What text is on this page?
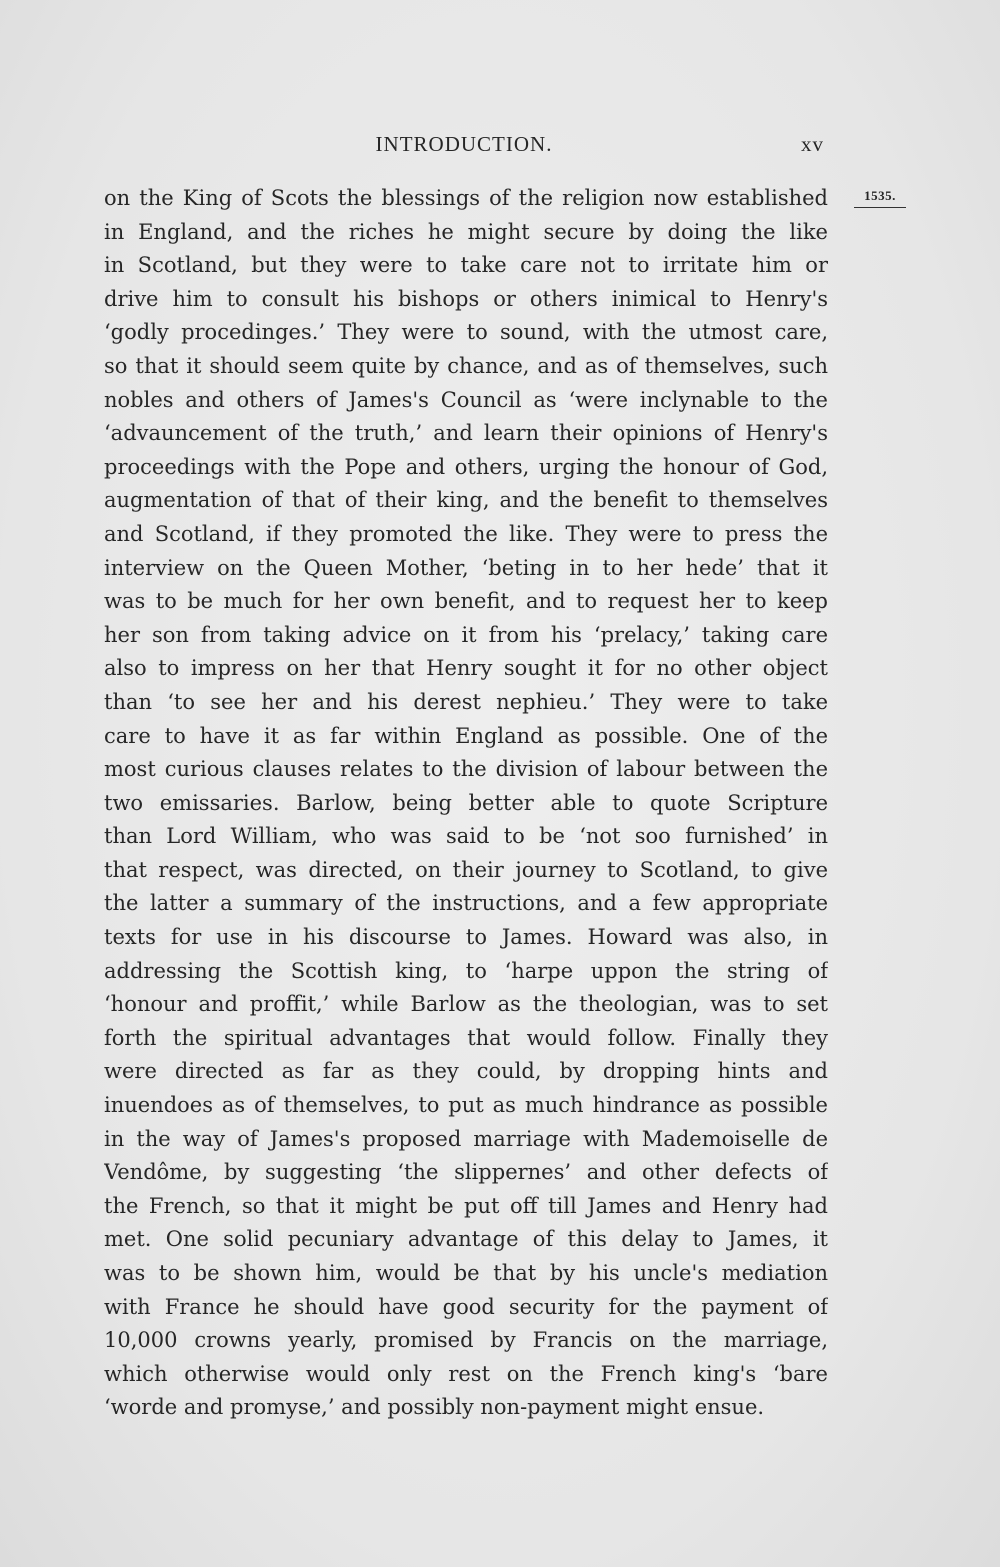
INTRODUCTION.	xv
1535.
on the King of Scots the blessings of the religion now established
in England, and the riches he might secure by doing the like
in Scotland, but they were to take care not to irritate him or
drive him to consult his bishops or others inimical to Henry's
‘godly procedinges.’ They were to sound, with the utmost care,
so that it should seem quite by chance, and as of themselves, such
nobles and others of James's Council as ‘were inclynable to the
‘advauncement of the truth,’ and learn their opinions of Henry's
proceedings with the Pope and others, urging the honour of God,
augmentation of that of their king, and the benefit to themselves
and Scotland, if they promoted the like. They were to press the
interview on the Queen Mother, ‘beting in to her hede’ that it
was to be much for her own benefit, and to request her to keep
her son from taking advice on it from his ‘prelacy,’ taking care
also to impress on her that Henry sought it for no other object
than ‘to see her and his derest nephieu.’ They were to take
care to have it as far within England as possible. One of the
most curious clauses relates to the division of labour between the
two emissaries. Barlow, being better able to quote Scripture
than Lord William, who was said to be ‘not soo furnished’ in
that respect, was directed, on their journey to Scotland, to give
the latter a summary of the instructions, and a few appropriate
texts for use in his discourse to James. Howard was also, in
addressing the Scottish king, to ‘harpe uppon the string of
‘honour and proffit,’ while Barlow as the theologian, was to set
forth the spiritual advantages that would follow. Finally they
were directed as far as they could, by dropping hints and
inuendoes as of themselves, to put as much hindrance as possible
in the way of James's proposed marriage with Mademoiselle de
Vendôme, by suggesting ‘the slippernes’ and other defects of
the French, so that it might be put off till James and Henry had
met. One solid pecuniary advantage of this delay to James, it
was to be shown him, would be that by his uncle's mediation
with France he should have good security for the payment of
10,000 crowns yearly, promised by Francis on the marriage,
which otherwise would only rest on the French king's ‘bare
‘worde and promyse,’ and possibly non-payment might ensue.
